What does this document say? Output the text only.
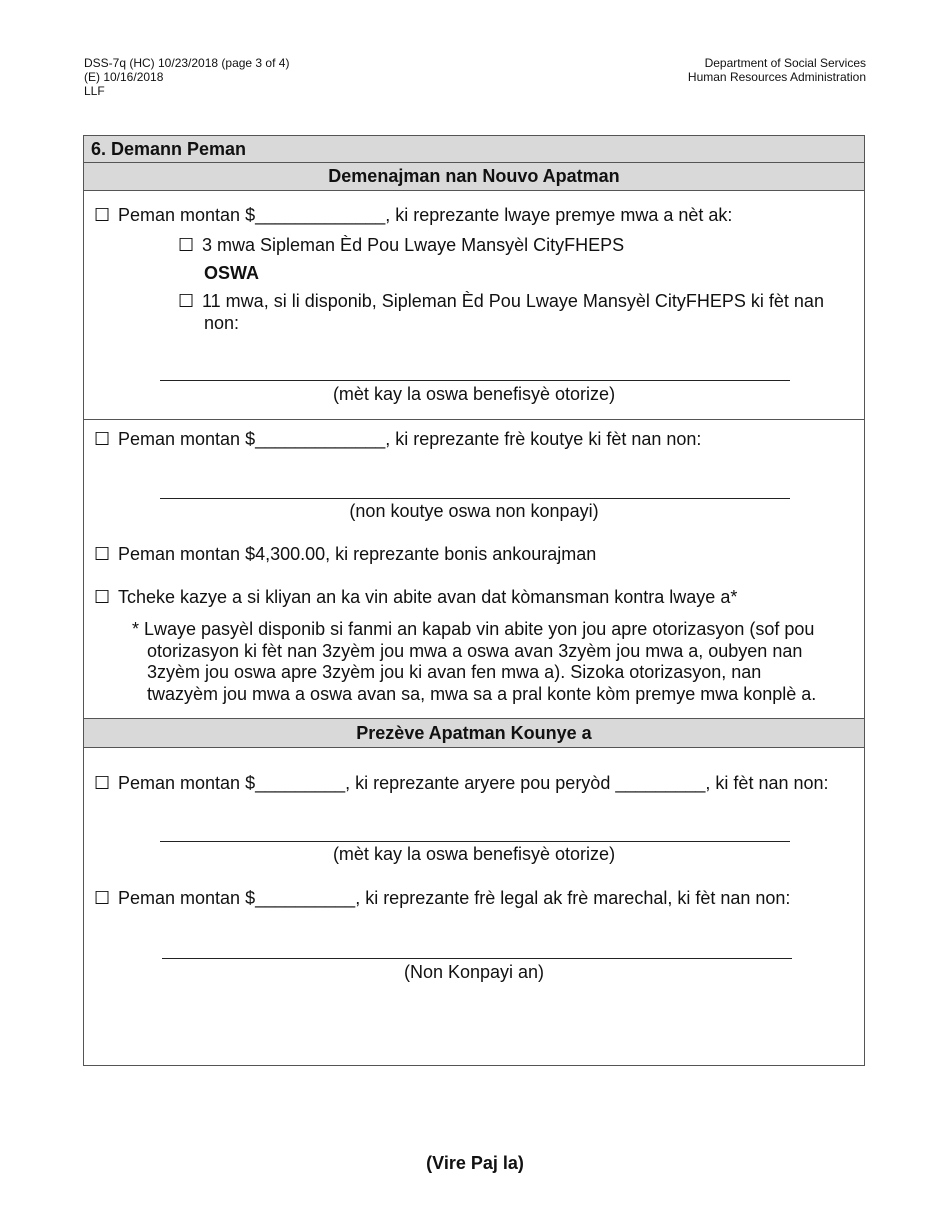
DSS-7q (HC) 10/23/2018 (page 3 of 4)
(E) 10/16/2018
LLF
Department of Social Services
Human Resources Administration
6. Demann Peman
Demenajman nan Nouvo Apatman
☐ Peman montan $_____________, ki reprezante lwaye premye mwa a nèt ak:
☐ 3 mwa Sipleman Èd Pou Lwaye Mansyèl CityFHEPS
OSWA
☐ 11 mwa, si li disponib, Sipleman Èd Pou Lwaye Mansyèl CityFHEPS ki fèt nan
non:
(mèt kay la oswa benefisyè otorize)
☐ Peman montan $_____________, ki reprezante frè koutye ki fèt nan non:
(non koutye oswa non konpayi)
☐ Peman montan $4,300.00, ki reprezante bonis ankourajman
☐ Tcheke kazye a si kliyan an ka vin abite avan dat kòmansman kontra lwaye a*
* Lwaye pasyèl disponib si fanmi an kapab vin abite yon jou apre otorizasyon (sof pou
otorizasyon ki fèt nan 3zyèm jou mwa a oswa avan 3zyèm jou mwa a, oubyen nan
3zyèm jou oswa apre 3zyèm jou ki avan fen mwa a). Sizoka otorizasyon, nan
twazyèm jou mwa a oswa avan sa, mwa sa a pral konte kòm premye mwa konplè a.
Prezève Apatman Kounye a
☐ Peman montan $_________, ki reprezante aryere pou peryòd _________, ki fèt nan non:
(mèt kay la oswa benefisyè otorize)
☐ Peman montan $__________, ki reprezante frè legal ak frè marechal, ki fèt nan non:
(Non Konpayi an)
(Vire Paj la)
